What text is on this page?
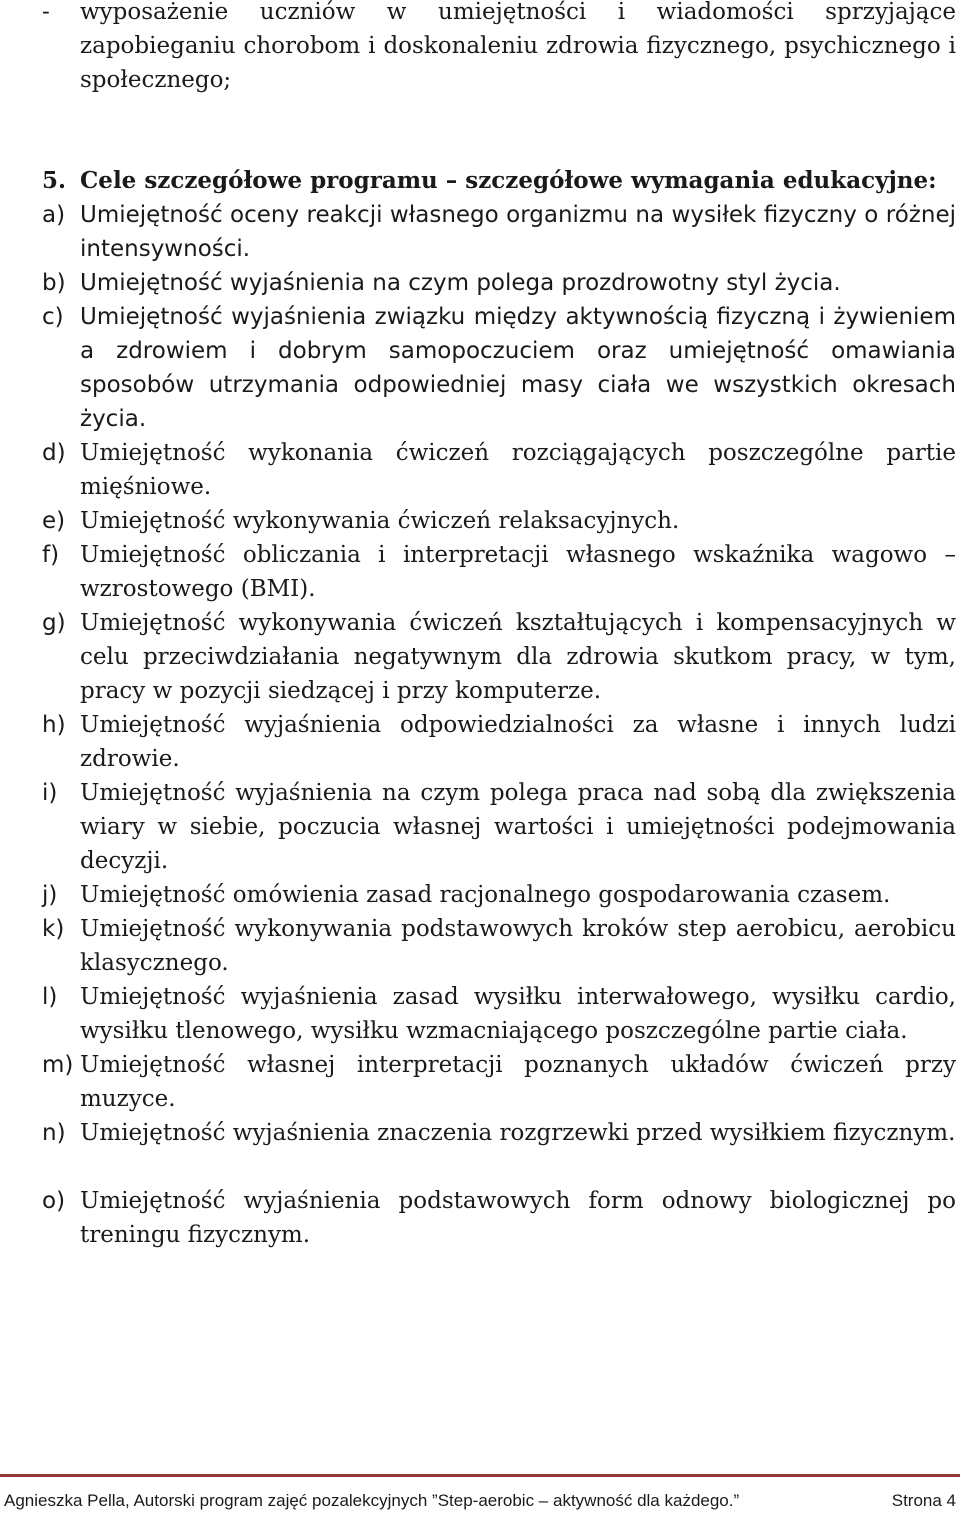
- wyposażenie uczniów w umiejętności i wiadomości sprzyjające zapobieganiu chorobom i doskonaleniu zdrowia fizycznego, psychicznego i społecznego;
5. Cele szczegółowe programu – szczegółowe wymagania edukacyjne:
a) Umiejętność oceny reakcji własnego organizmu na wysiłek fizyczny o różnej intensywności.
b) Umiejętność wyjaśnienia na czym polega prozdrowotny styl życia.
c) Umiejętność wyjaśnienia związku między aktywnością fizyczną i żywieniem a zdrowiem i dobrym samopoczuciem oraz umiejętność omawiania sposobów utrzymania odpowiedniej masy ciała we wszystkich okresach życia.
d) Umiejętność wykonania ćwiczeń rozciągających poszczególne partie mięśniowe.
e) Umiejętność wykonywania ćwiczeń relaksacyjnych.
f) Umiejętność obliczania i interpretacji własnego wskaźnika wagowo – wzrostowego (BMI).
g) Umiejętność wykonywania ćwiczeń kształtujących i kompensacyjnych w celu przeciwdziałania negatywnym dla zdrowia skutkom pracy, w tym, pracy w pozycji siedzącej i przy komputerze.
h) Umiejętność wyjaśnienia odpowiedzialności za własne i innych ludzi zdrowie.
i) Umiejętność wyjaśnienia na czym polega praca nad sobą dla zwiększenia wiary w siebie, poczucia własnej wartości i umiejętności podejmowania decyzji.
j) Umiejętność omówienia zasad racjonalnego gospodarowania czasem.
k) Umiejętność wykonywania podstawowych kroków step aerobicu, aerobicu klasycznego.
l) Umiejętność wyjaśnienia zasad wysiłku interwałowego, wysiłku cardio, wysiłku tlenowego, wysiłku wzmacniającego poszczególne partie ciała.
m) Umiejętność własnej interpretacji poznanych układów ćwiczeń przy muzyce.
n) Umiejętność wyjaśnienia znaczenia rozgrzewki przed wysiłkiem fizycznym.
o) Umiejętność wyjaśnienia podstawowych form odnowy biologicznej po treningu fizycznym.
Agnieszka Pella, Autorski program zajęć pozalekcyjnych ”Step-aerobic – aktywność dla każdego.”	Strona 4
